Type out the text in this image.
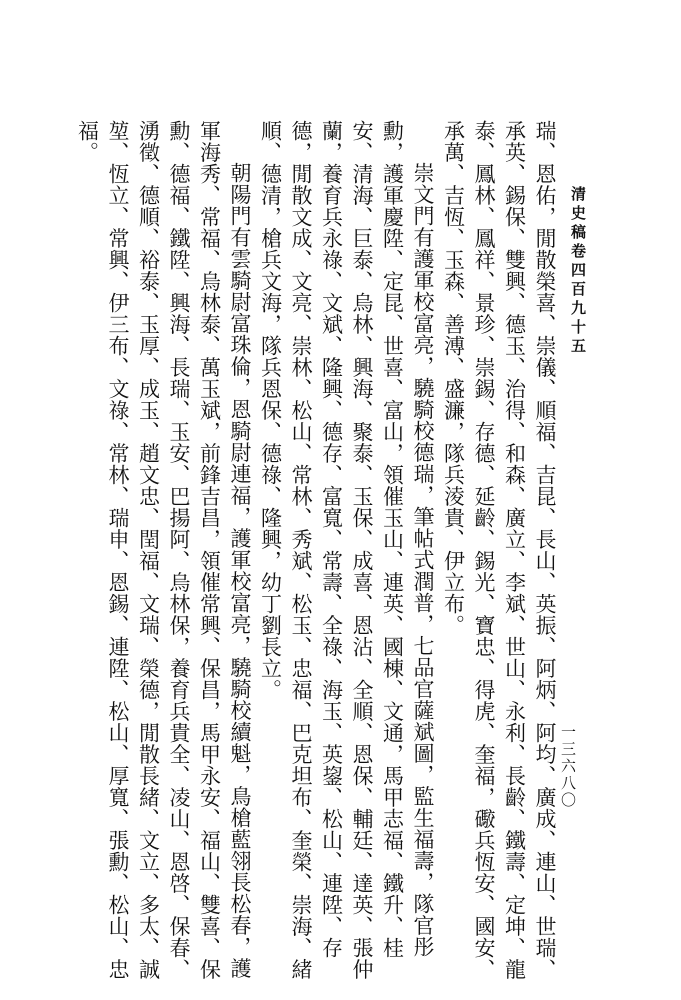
清史稿卷四百九十五
一三六八〇

瑞、恩佑，閒散榮喜、崇儀、順福、吉昆、長山、英振、阿炳、阿均、廣成、連山、世瑞、承英、錫保、雙興、德玉、治得、和森、廣立、李斌、世山、永利、長齡、鐵壽、定坤、龍泰、鳳林、鳳祥、景珍、崇錫、存德、延齡、錫光、寶忠、得虎、奎福，礮兵恆安、國安、承萬、吉恆、玉森、善溥、盛濂，隊兵淩貴、伊立布。

崇文門有護軍校富亮，驍騎校德瑞，筆帖式潤普，七品官薩斌圖，監生福壽，隊官彤勳，護軍慶陞、定昆、世喜、富山，領催玉山、連英、國棟、文通，馬甲志福、鐵升、桂安、清海、巨泰、烏林、興海、聚泰、玉保、成喜、恩沾、全順、恩保、輔廷、達英、張仲蘭，養育兵永祿、文斌、隆興、德存、富寬、常壽、全祿、海玉、英鋆、松山、連陞、存德，閒散文成、文亮、崇林、松山、常林、秀斌、松玉、忠福、巴克坦布、奎榮、崇海、緒順、德清，槍兵文海，隊兵恩保、德祿、隆興，幼丁劉長立。

朝陽門有雲騎尉富珠倫，恩騎尉連福，護軍校富亮，驍騎校續魁，鳥槍藍翎長松春，護軍海秀、常福、烏林泰、萬玉斌，前鋒吉昌，領催常興、保昌，馬甲永安、福山、雙喜、保勳、德福、鐵陞、興海、長瑞、玉安、巴揚阿、烏林保，養育兵貴全、凌山、恩啓、保春、湧徵、德順、裕泰、玉厚、成玉、趙文忠、閏福、文瑞、榮德，閒散長緒、文立、多太、誠堃、恆立、常興、伊三布、文祿、常林、瑞申、恩錫、連陞、松山、厚寬、張勳、松山、忠福。
